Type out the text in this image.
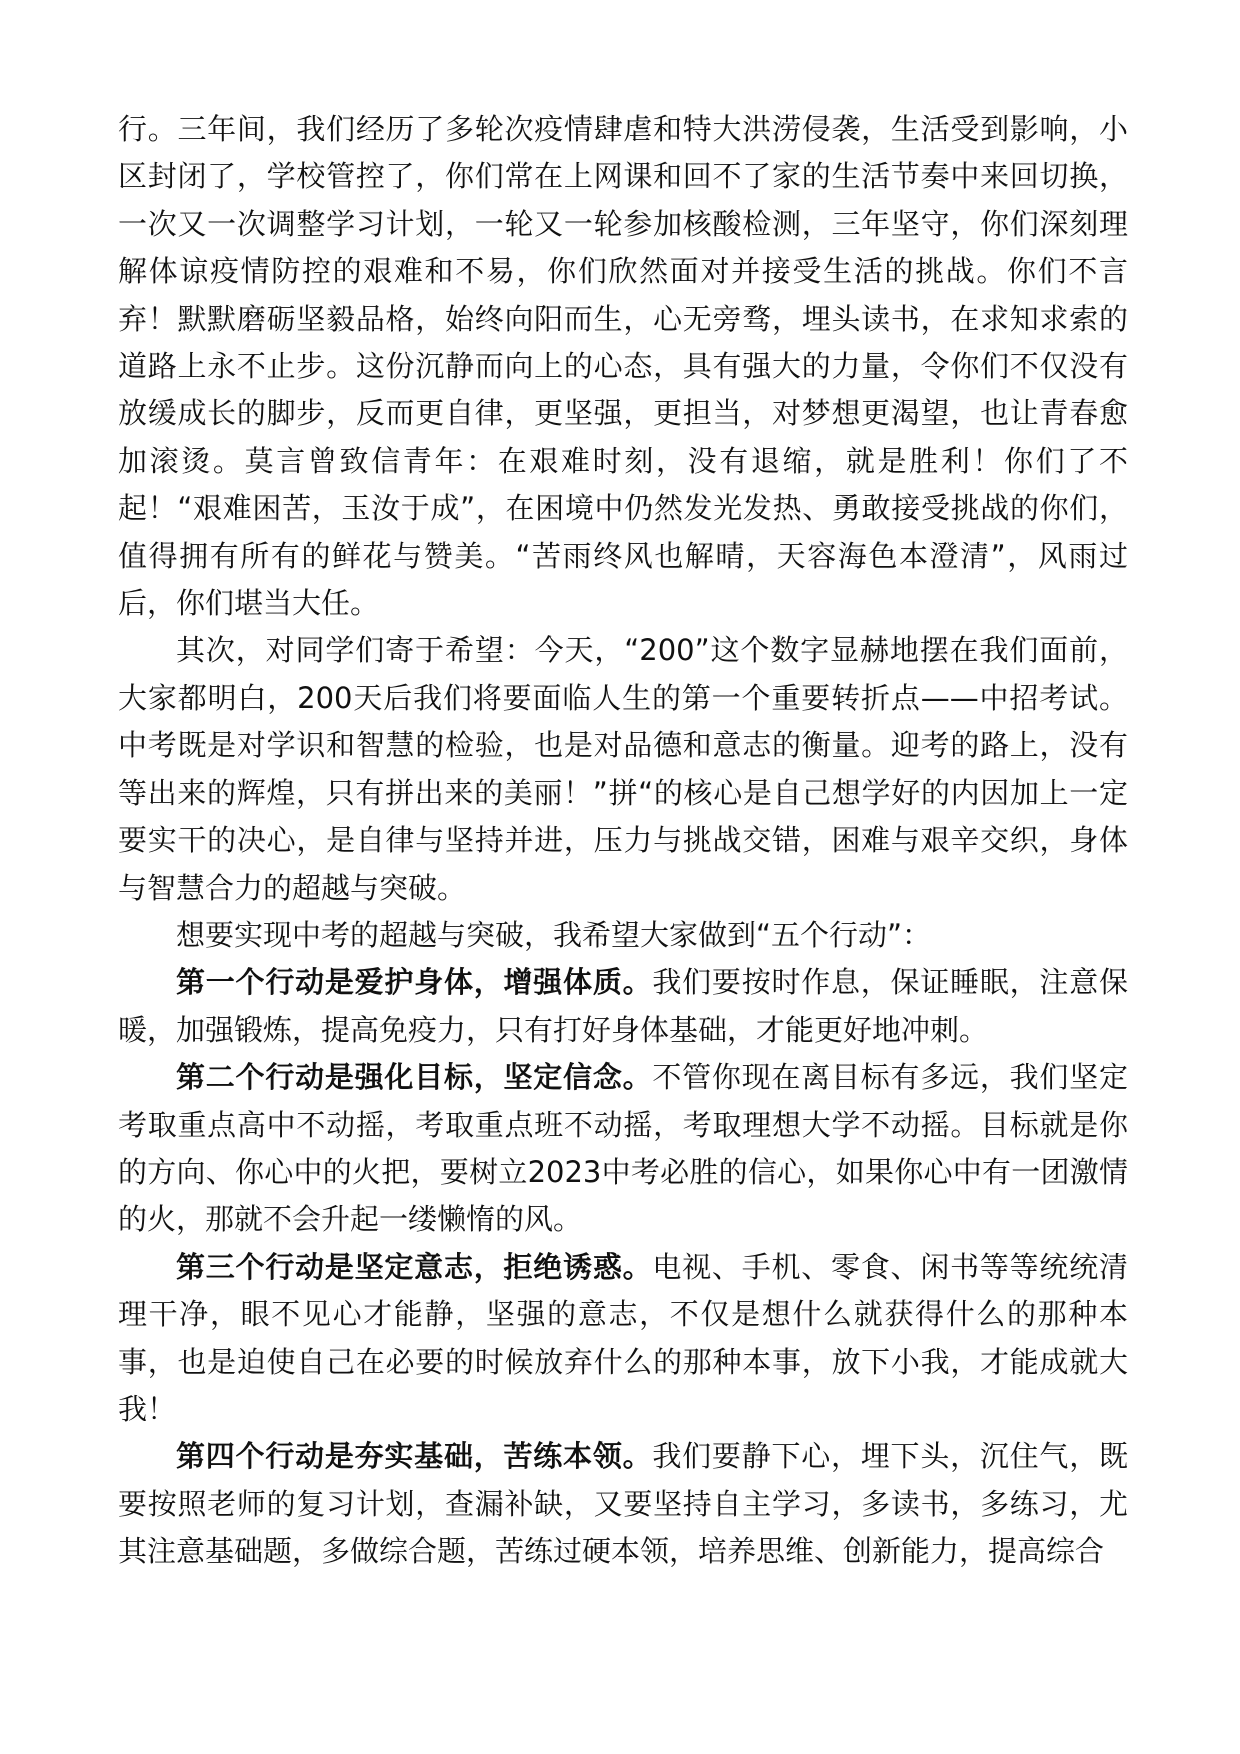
行。三年间，我们经历了多轮次疫情肆虐和特大洪涝侵袭，生活受到影响，小区封闭了，学校管控了，你们常在上网课和回不了家的生活节奏中来回切换，一次又一次调整学习计划，一轮又一轮参加核酸检测，三年坚守，你们深刻理解体谅疫情防控的艰难和不易，你们欣然面对并接受生活的挑战。你们不言弃！默默磨砺坚毅品格，始终向阳而生，心无旁骛，埋头读书，在求知求索的道路上永不止步。这份沉静而向上的心态，具有强大的力量，令你们不仅没有放缓成长的脚步，反而更自律，更坚强，更担当，对梦想更渴望，也让青春愈加滚烫。莫言曾致信青年：在艰难时刻，没有退缩，就是胜利！你们了不起！“艰难困苦，玉汝于成”，在困境中仍然发光发热、勇敢接受挑战的你们，值得拥有所有的鲜花与赞美。“苦雨终风也解晴，天容海色本澄清”，风雨过后，你们堪当大任。

其次，对同学们寄于希望：今天，“200”这个数字显赫地摆在我们面前，大家都明白，200天后我们将要面临人生的第一个重要转折点——中招考试。中考既是对学识和智慧的检验，也是对品德和意志的衡量。迎考的路上，没有等出来的辉煌，只有拼出来的美丽！”拼“的核心是自己想学好的内因加上一定要实干的决心，是自律与坚持并进，压力与挑战交错，困难与艰辛交织，身体与智慧合力的超越与突破。

想要实现中考的超越与突破，我希望大家做到“五个行动”：

第一个行动是爱护身体，增强体质。我们要按时作息，保证睡眠，注意保暖，加强锻炼，提高免疫力，只有打好身体基础，才能更好地冲刺。

第二个行动是强化目标，坚定信念。不管你现在离目标有多远，我们坚定考取重点高中不动摇，考取重点班不动摇，考取理想大学不动摇。目标就是你的方向、你心中的火把，要树立2023中考必胜的信心，如果你心中有一团激情的火，那就不会升起一缕懒惰的风。

第三个行动是坚定意志，拒绝诱惑。电视、手机、零食、闲书等等统统清理干净，眼不见心才能静，坚强的意志，不仅是想什么就获得什么的那种本事，也是迫使自己在必要的时候放弃什么的那种本事，放下小我，才能成就大我！

第四个行动是夯实基础，苦练本领。我们要静下心，埋下头，沉住气，既要按照老师的复习计划，查漏补缺，又要坚持自主学习，多读书，多练习，尤其注意基础题，多做综合题，苦练过硬本领，培养思维、创新能力，提高综合
